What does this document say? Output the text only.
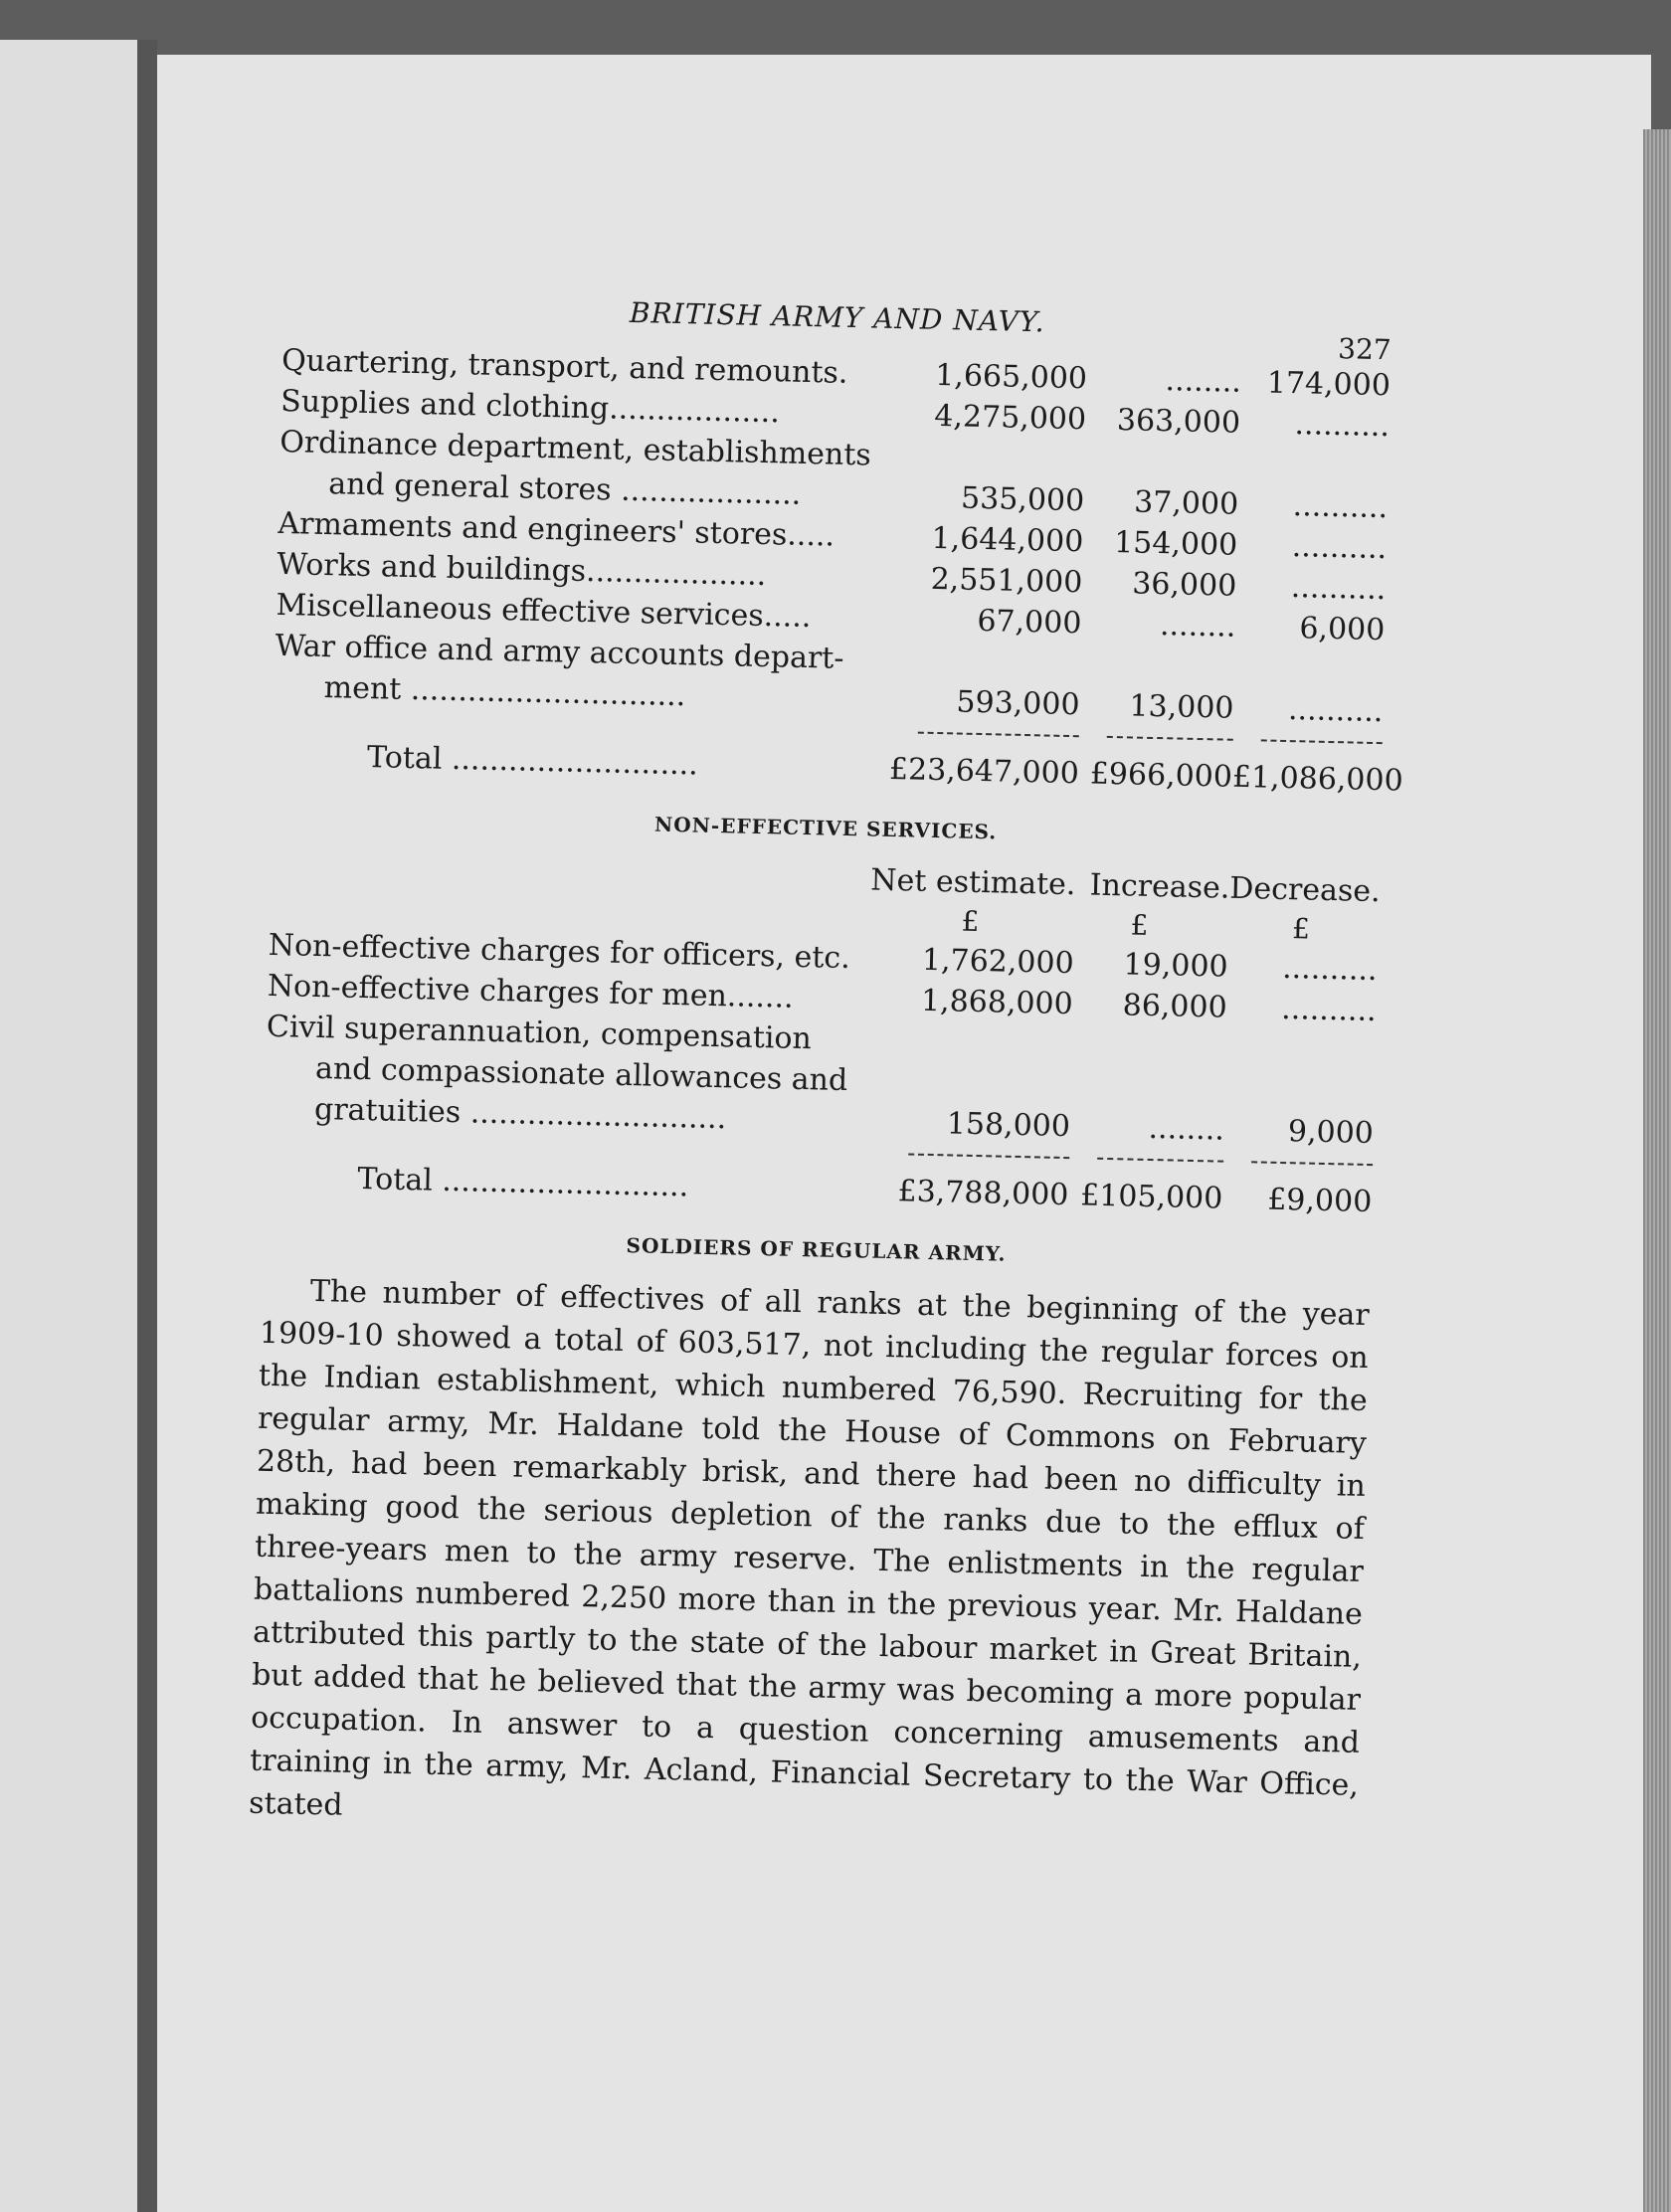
BRITISH ARMY AND NAVY.
327
Quartering, transport, and remounts.	1,665,000	........ 174,000
Supplies and clothing..................	4,275,000	363,000	..........
Ordinance department, establishments
and general stores ...................	535,000	37,000	..........
Armaments and engineers' stores.....	1,644,000	154,000	..........
Works and buildings...................	2,551,000	36,000	..........
Miscellaneous effective services.....	67,000	........	6,000
War office and army accounts depart-
ment .............................	593,000	13,000	..........
Total ..........................	£23,647,000 £966,000 £1,086,000
NON-EFFECTIVE SERVICES.
Net estimate. Increase. Decrease.
£	£	£
Non-effective charges for officers, etc.	1,762,000	19,000	..........
Non-effective charges for men.......	1,868,000	86,000	..........
Civil superannuation, compensation
and compassionate allowances and
gratuities ...........................	158,000	........	9,000
Total ..........................	£3,788,000 £105,000	£9,000
SOLDIERS OF REGULAR ARMY.
The number of effectives of all ranks at the beginning of the year 1909-10 showed a total of 603,517, not including the regular forces on the Indian establishment, which numbered 76,590. Recruiting for the regular army, Mr. Haldane told the House of Commons on February 28th, had been remarkably brisk, and there had been no difficulty in making good the serious depletion of the ranks due to the efflux of three-years men to the army reserve. The enlistments in the regular battalions numbered 2,250 more than in the previous year. Mr. Haldane attributed this partly to the state of the labour market in Great Britain, but added that he believed that the army was becoming a more popular occupation. In answer to a question concerning amusements and training in the army, Mr. Acland, Financial Secretary to the War Office, stated
